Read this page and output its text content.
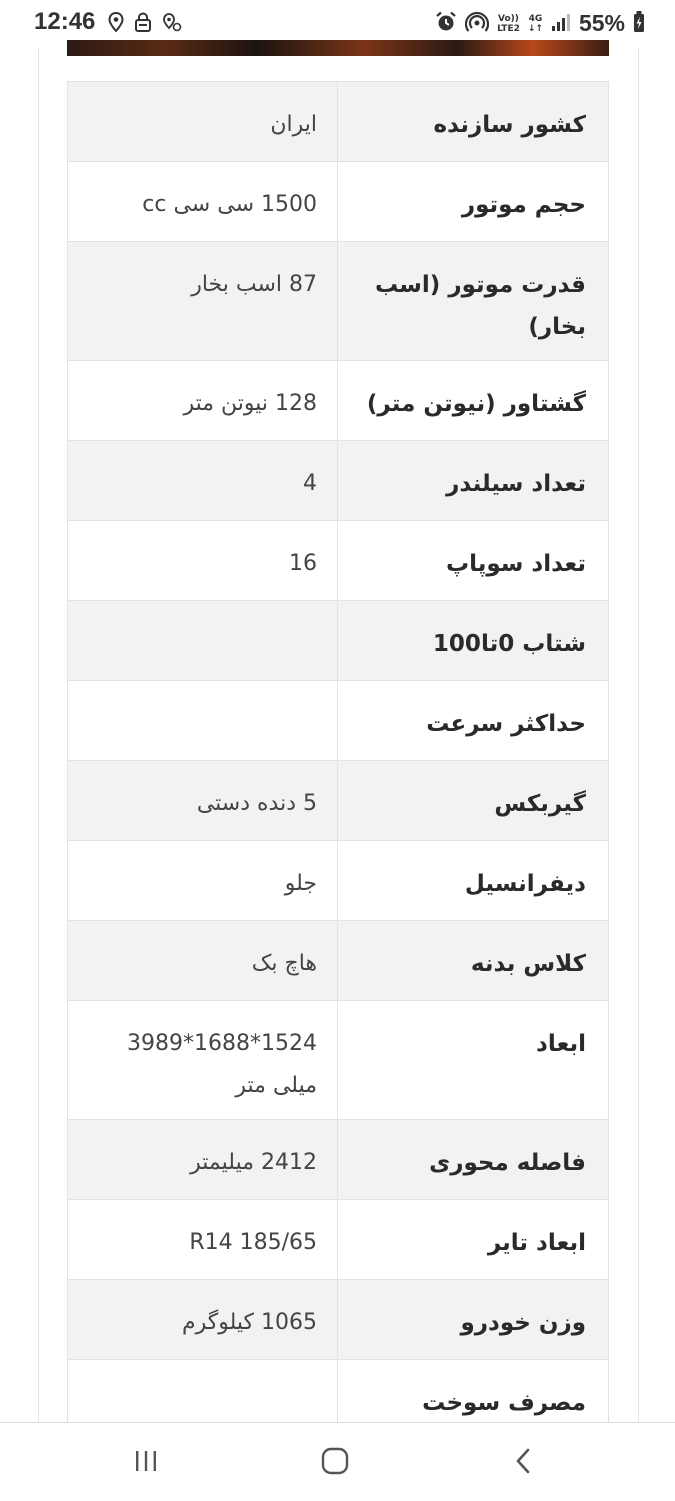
12:46	Vo))
LTE2
4G
↓↑ 55%
کشور سازنده	ایران

حجم موتور	1500 سی سی cc

قدرت موتور (اسب بخار)	87 اسب بخار

گشتاور (نیوتن متر)	128 نیوتن متر

تعداد سیلندر	4

تعداد سوپاپ	16

شتاب 0تا100	

حداکثر سرعت	

گیربکس	5 دنده دستی

دیفرانسیل	جلو

کلاس بدنه	هاچ بک

ابعاد	1524*1688*3989 میلی متر

فاصله محوری	2412 میلیمتر

ابعاد تایر	R14 185/65

وزن خودرو	1065 کیلوگرم

مصرف سوخت	
